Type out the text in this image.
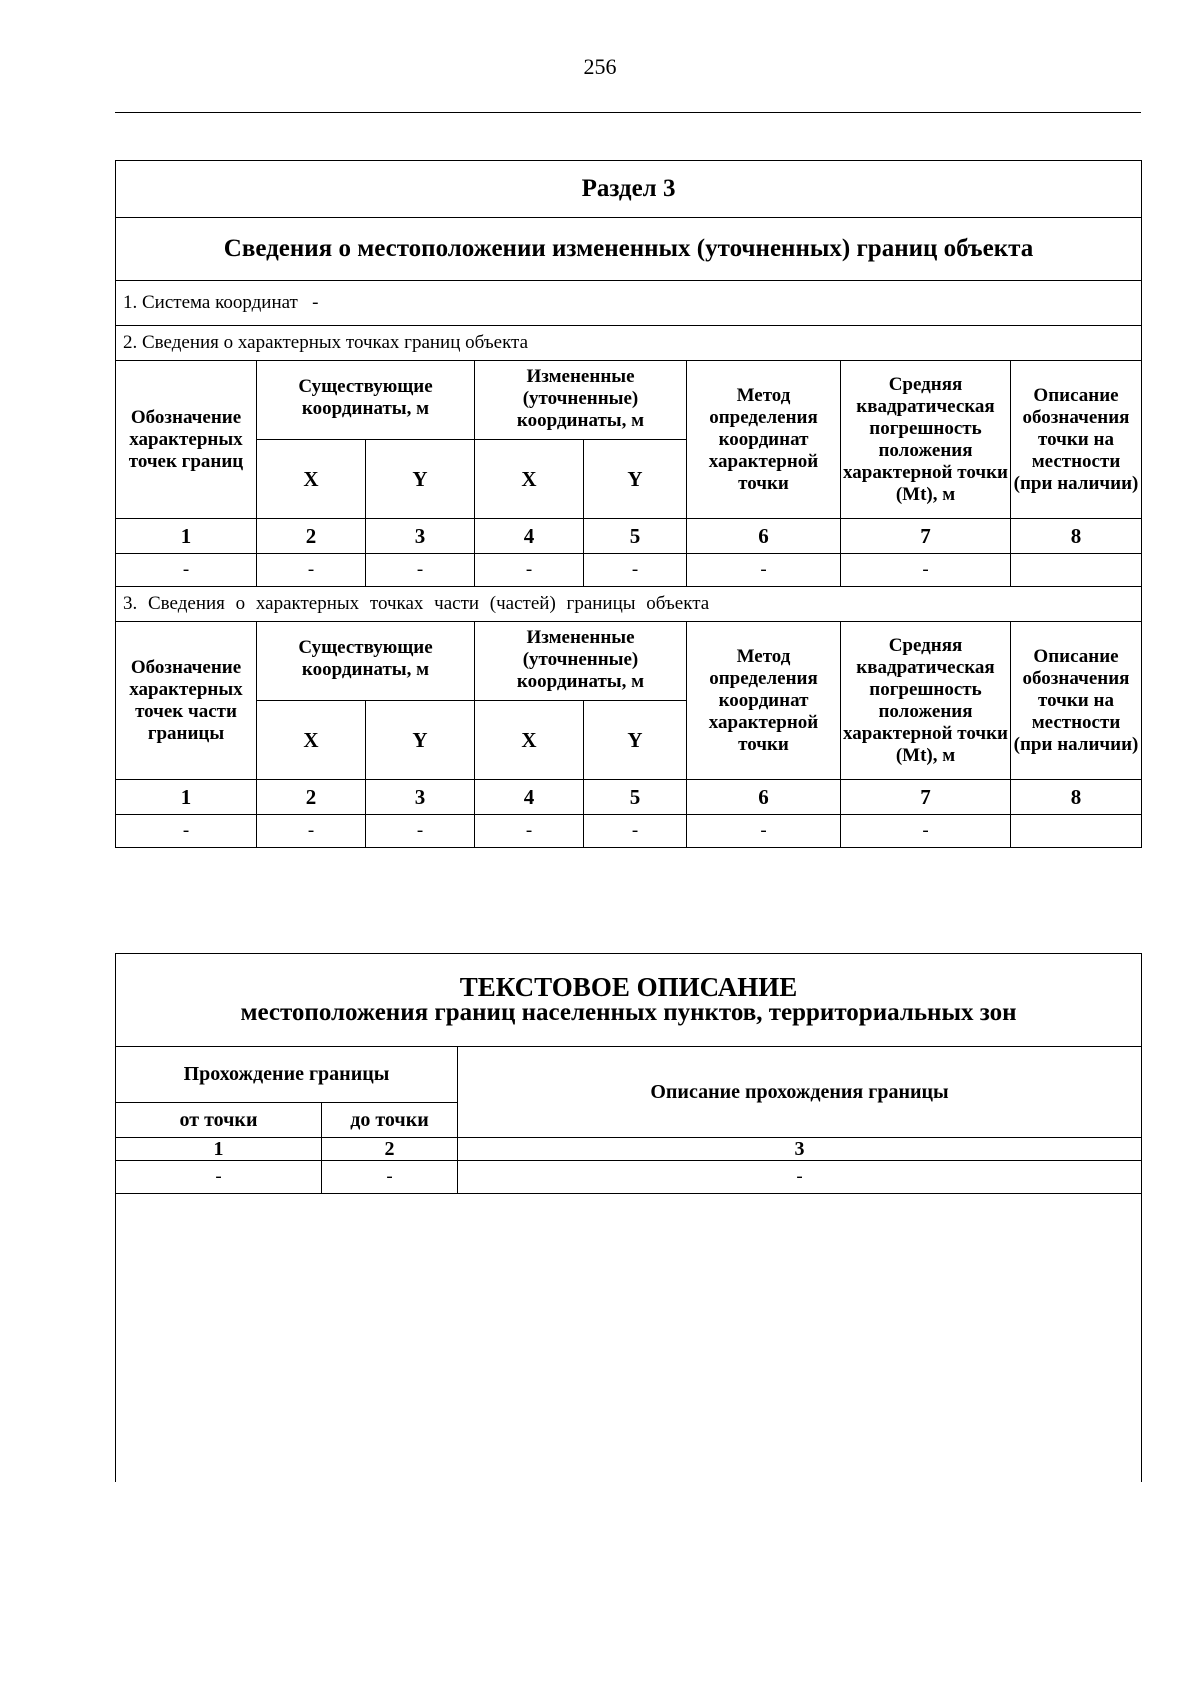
256
Раздел 3							
Сведения о местоположении измененных (уточненных) границ объекта							
1. Система координат -							
2. Сведения о характерных точках границ объекта							
Обозначение характерных точек границ	Существующие координаты, м		Измененные (уточненные) координаты, м		Метод определения координат характерной точки	Средняя квадратическая погрешность положения характерной точки (Mt), м	Описание обозначения точки на местности (при наличии)
	X	Y	X	Y			
1	2	3	4	5	6	7	8
-	-	-	-	-	-	-	
3. Сведения о характерных точках части (частей) границы объекта							
Обозначение характерных точек части границы	Существующие координаты, м		Измененные (уточненные) координаты, м		Метод определения координат характерной точки	Средняя квадратическая погрешность положения характерной точки (Mt), м	Описание обозначения точки на местности (при наличии)
	X	Y	X	Y			
1	2	3	4	5	6	7	8
-	-	-	-	-	-	-	
ТЕКСТОВОЕ ОПИСАНИЕ
местоположения границ населенных пунктов, территориальных зон		

Прохождение границы		Описание прохождения границы
от точки	до точки	
1	2	3
-	-	-
